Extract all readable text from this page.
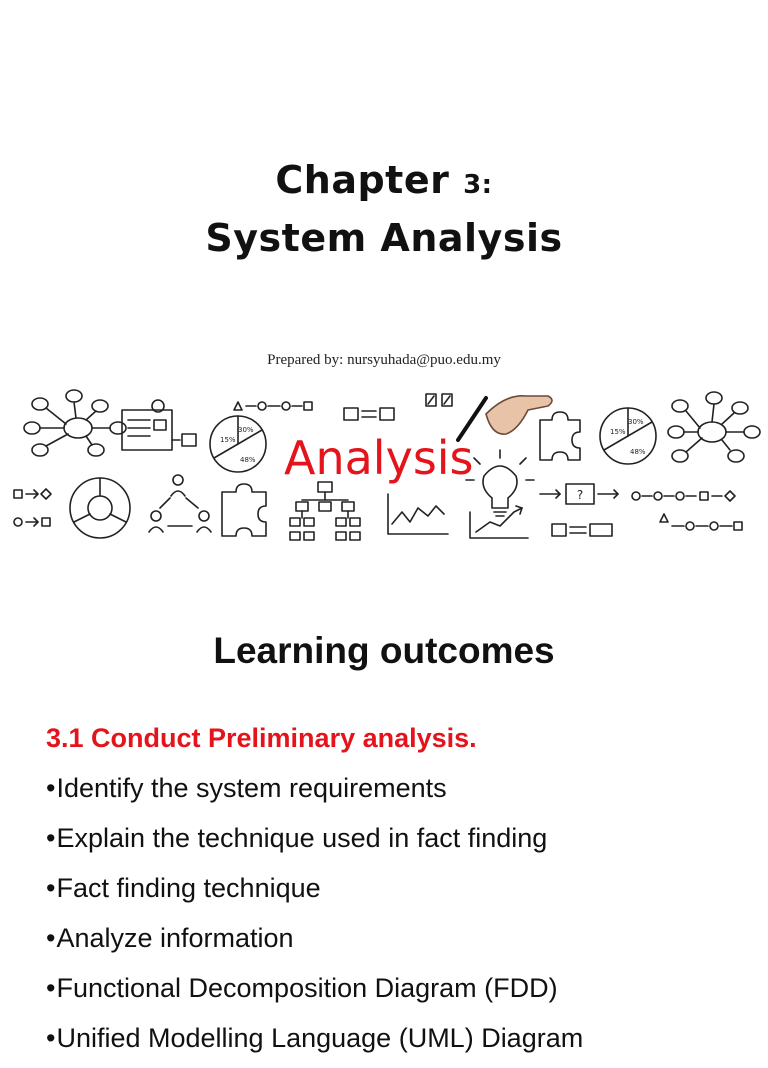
Chapter 3:
System Analysis
Prepared by: nursyuhada@puo.edu.my
30%
15%
48%
30%
15%
48%
?
Analysis
Learning outcomes
3.1 Conduct Preliminary analysis.
•Identify the system requirements
•Explain the technique used in fact finding
•Fact finding technique
•Analyze information
•Functional Decomposition Diagram (FDD)
•Unified Modelling Language (UML) Diagram
